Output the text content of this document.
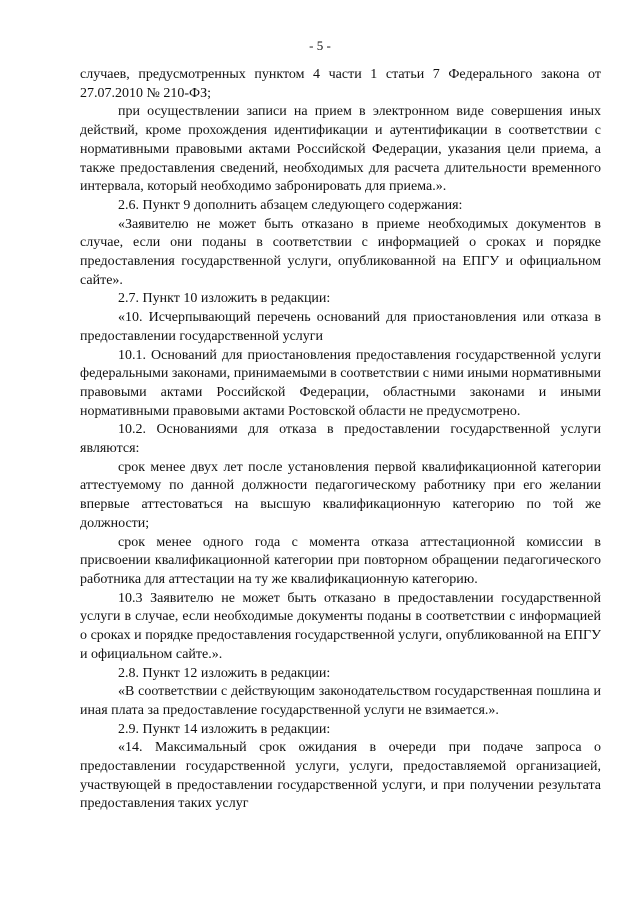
- 5 -

случаев, предусмотренных пунктом 4 части 1 статьи 7 Федерального закона от 27.07.2010 № 210-ФЗ;

при осуществлении записи на прием в электронном виде совершения иных действий, кроме прохождения идентификации и аутентификации в соответствии с нормативными правовыми актами Российской Федерации, указания цели приема, а также предоставления сведений, необходимых для расчета длительности временного интервала, который необходимо забронировать для приема.».

2.6. Пункт 9 дополнить абзацем следующего содержания:

«Заявителю не может быть отказано в приеме необходимых документов в случае, если они поданы в соответствии с информацией о сроках и порядке предоставления государственной услуги, опубликованной на ЕПГУ и официальном сайте».

2.7. Пункт 10 изложить в редакции:

«10. Исчерпывающий перечень оснований для приостановления или отказа в предоставлении государственной услуги

10.1. Оснований для приостановления предоставления государственной услуги федеральными законами, принимаемыми в соответствии с ними иными нормативными правовыми актами Российской Федерации, областными законами и иными нормативными правовыми актами Ростовской области не предусмотрено.

10.2. Основаниями для отказа в предоставлении государственной услуги являются:

срок менее двух лет после установления первой квалификационной категории аттестуемому по данной должности педагогическому работнику при его желании впервые аттестоваться на высшую квалификационную категорию по той же должности;

срок менее одного года с момента отказа аттестационной комиссии в присвоении квалификационной категории при повторном обращении педагогического работника для аттестации на ту же квалификационную категорию.

10.3 Заявителю не может быть отказано в предоставлении государственной услуги в случае, если необходимые документы поданы в соответствии с информацией о сроках и порядке предоставления государственной услуги, опубликованной на ЕПГУ и официальном сайте.».

2.8. Пункт 12 изложить в редакции:

«В соответствии с действующим законодательством государственная пошлина и иная плата за предоставление государственной услуги не взимается.».

2.9. Пункт 14 изложить в редакции:

«14. Максимальный срок ожидания в очереди при подаче запроса о предоставлении государственной услуги, услуги, предоставляемой организацией, участвующей в предоставлении государственной услуги, и при получении результата предоставления таких услуг
